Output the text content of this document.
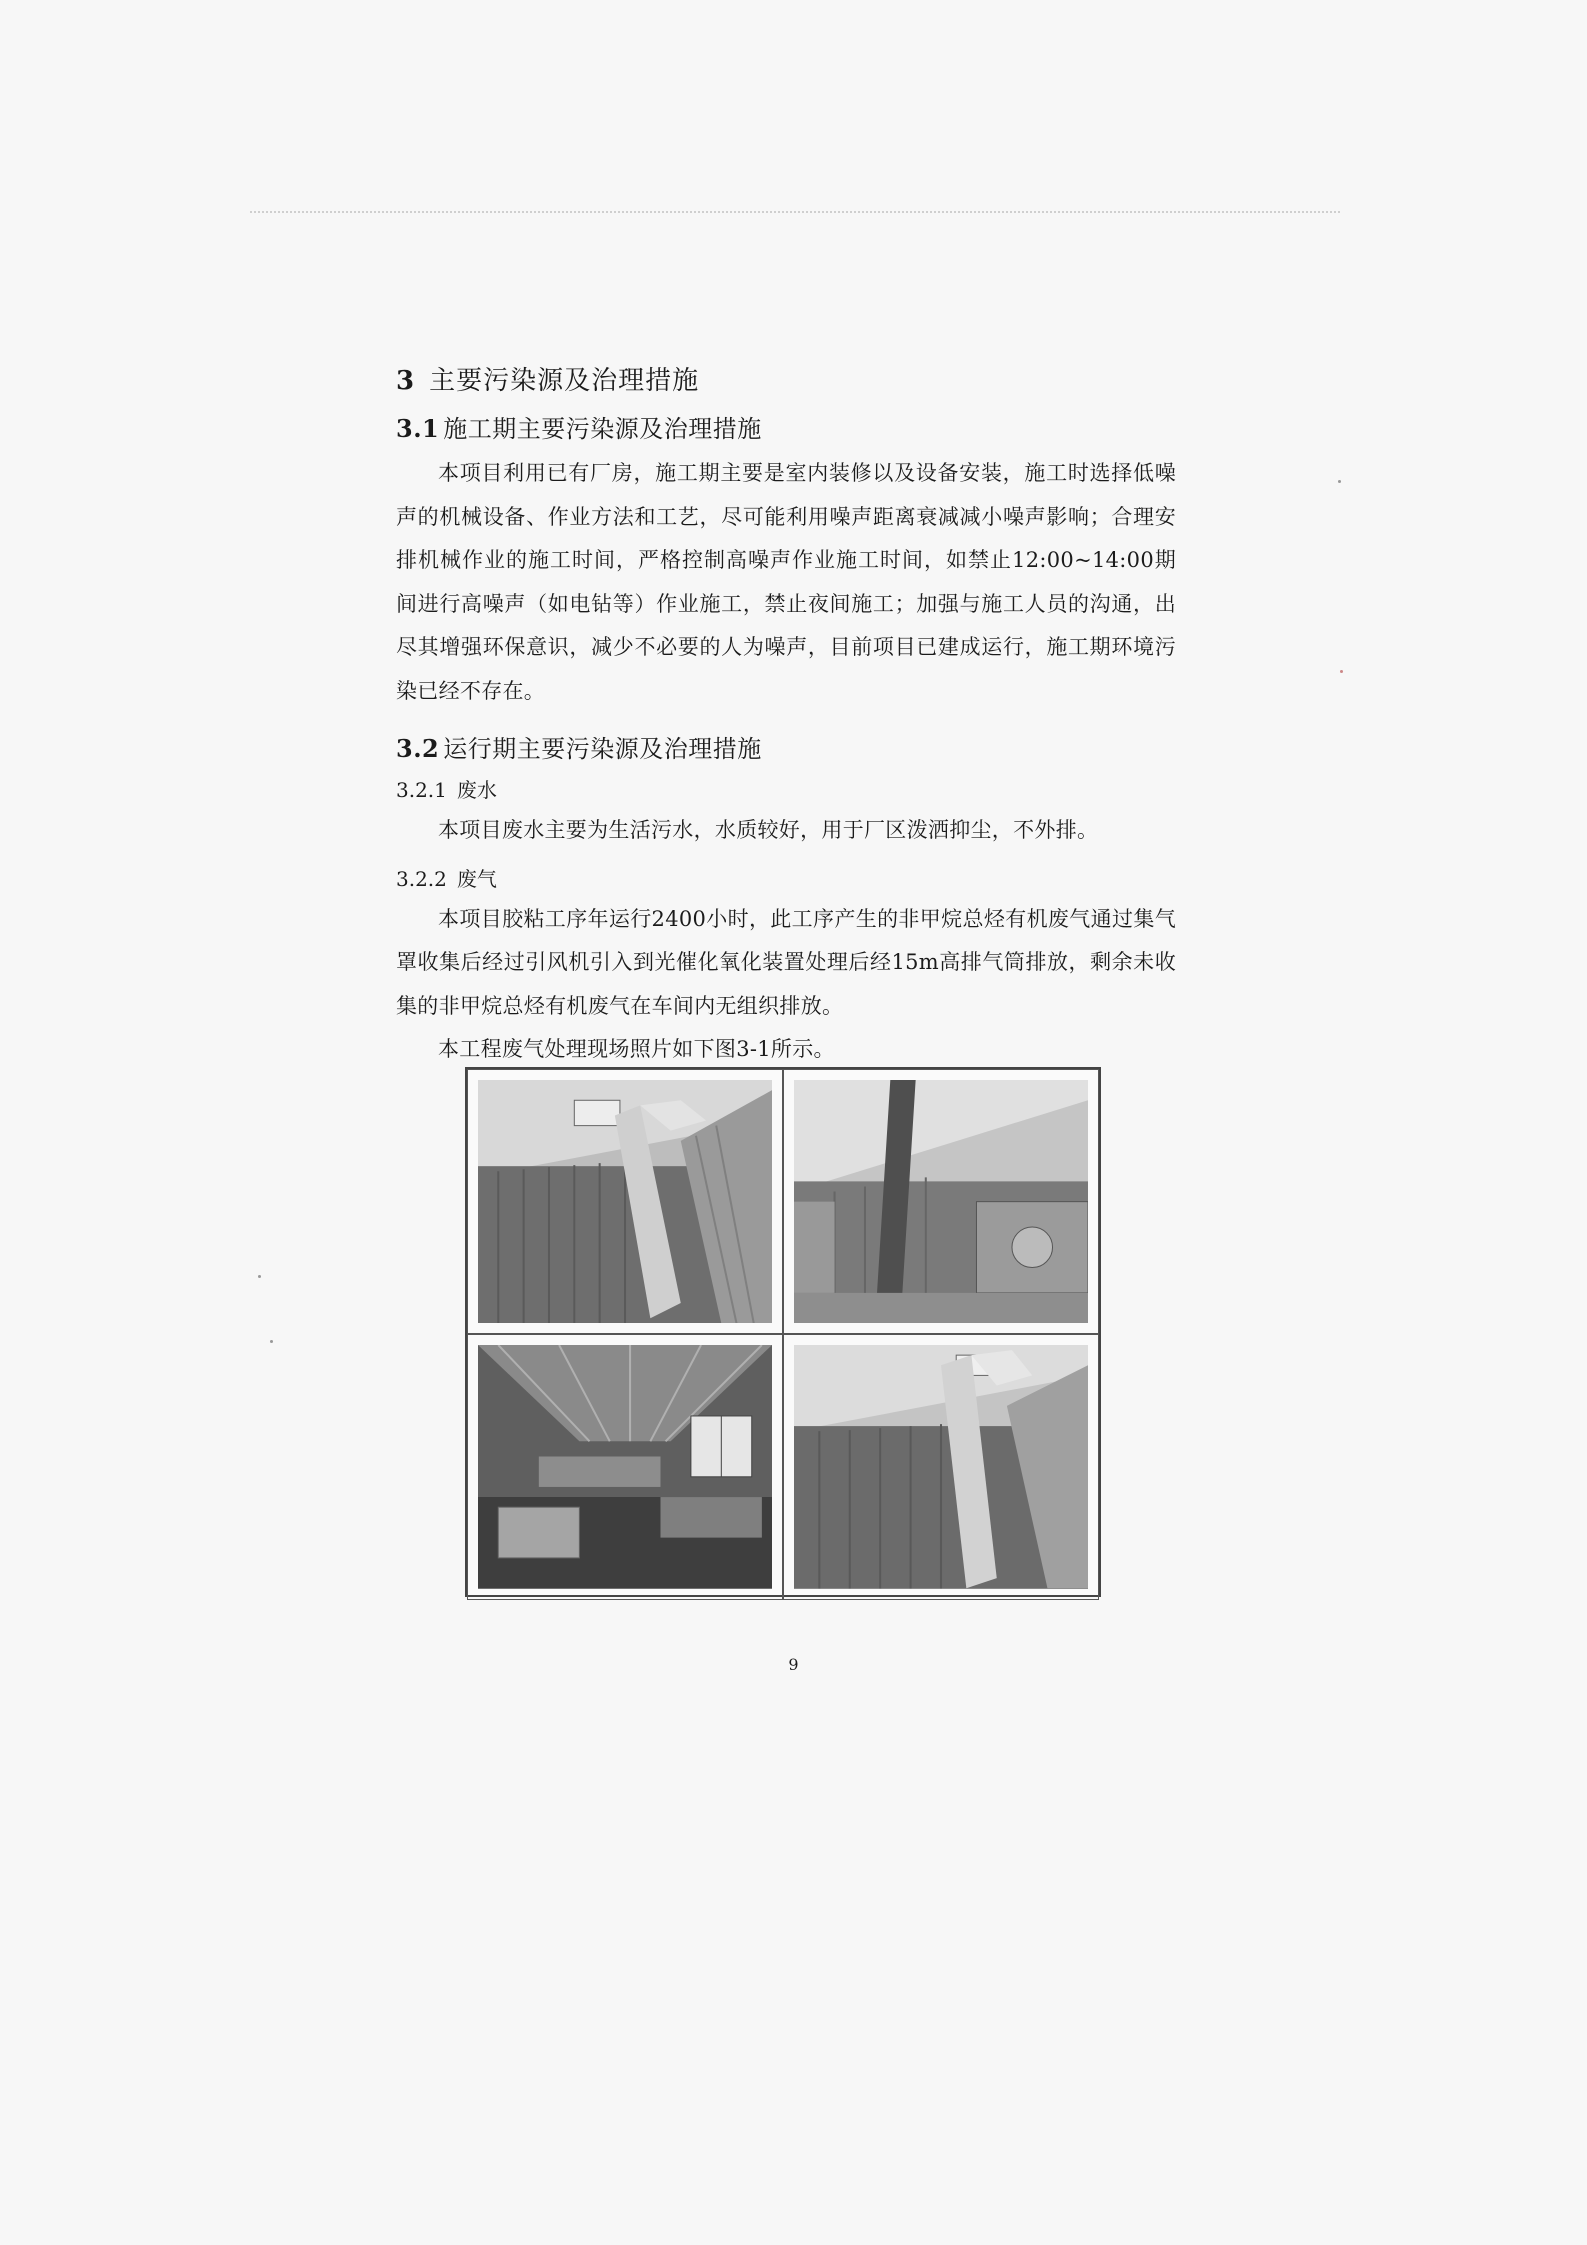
3 主要污染源及治理措施
3.1 施工期主要污染源及治理措施

本项目利用已有厂房，施工期主要是室内装修以及设备安装，施工时选择低噪声的机械设备、作业方法和工艺，尽可能利用噪声距离衰减减小噪声影响；合理安排机械作业的施工时间，严格控制高噪声作业施工时间，如禁止12:00~14:00期间进行高噪声（如电钻等）作业施工，禁止夜间施工；加强与施工人员的沟通，出尽其增强环保意识，减少不必要的人为噪声，目前项目已建成运行，施工期环境污染已经不存在。

3.2 运行期主要污染源及治理措施
3.2.1 废水

本项目废水主要为生活污水，水质较好，用于厂区泼洒抑尘，不外排。

3.2.2 废气

本项目胶粘工序年运行2400小时，此工序产生的非甲烷总烃有机废气通过集气罩收集后经过引风机引入到光催化氧化装置处理后经15m高排气筒排放，剩余未收集的非甲烷总烃有机废气在车间内无组织排放。

本工程废气处理现场照片如下图3-1所示。

9
